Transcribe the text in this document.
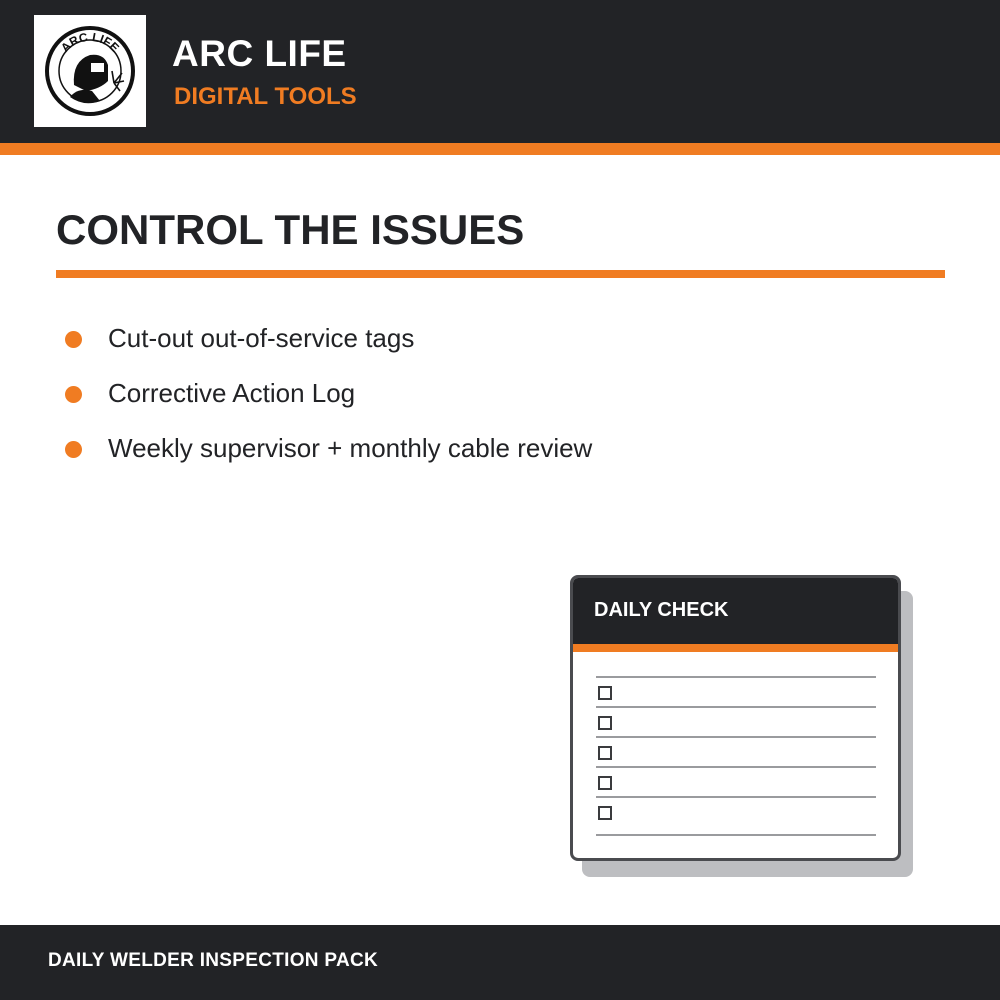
ARC LIFE ARC LIFE
DIGITAL TOOLS
CONTROL THE ISSUES
Cut-out out-of-service tags
Corrective Action Log
Weekly supervisor + monthly cable review
DAILY CHECK
DAILY WELDER INSPECTION PACK
